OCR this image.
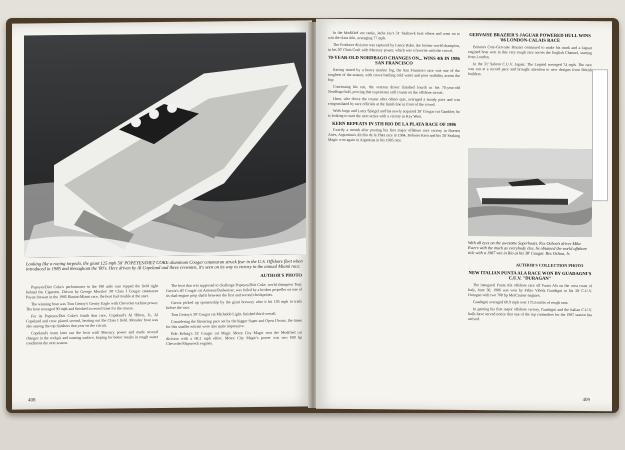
Looking like a racing torpedo, the giant 125 mph 50' POPEYES/DIET COKE aluminum Cougar catamaran struck fear in the U.S. Offshore fleet when introduced in 1985 and throughout the '80's. Here driven by Al Copeland and three crewmen, it's seen on its way to victory in the annual Miami race.
AUTHOR'S PHOTO

Popeyes/Diet Coke's performance in the 180 mile race topped the field right behind the Cigarette. Driven by George Morales' 38' Class I Cougar catamaran Payne Stewart in the 1985 Bimini-Miami race, the boat had trouble at the start.

The winning boat was Tom Gentry's Gentry Eagle with Chevrolet turbine power. The boat averaged 90 mph and finished in record time for the course.

For its Popeyes/Diet Coke's finish that race, Copeland's Al Hilton, Jr., Al Copeland and crew placed second, beating out the Class I field. Morales' boat was also among the top finishers that year on the circuit.

Copeland's team later ran the boat with Mercury power and made several changes in the cockpit and running surface, hoping for better results in rough water conditions the next season.

The boat that was supposed to challenge Popeyes/Diet Coke, world champion Tony Garcia's 46' Cougar cat Arneson/Budweiser, was foiled by a broken propeller on one of its dual-engine prop shafts between the first and second checkpoints.

Garcia picked up sponsorship by the giant brewery after it hit 105 mph in trials before the race.

Tom Gentry's 39' Cougar cat Michelob Light, finished third overall.

Considering the blistering pace set by the bigger Super and Open I boats, the times for this smaller entrant were also quite impressive.

Bob Kehrig's 32' Cougar cat Magic Motor City Magic won the Modified cat division with a 68.2 mph effort. Motor City Magic's power was two 600 hp Chevrolet/Shipwreck engines.

408

In the Modified vee ranks, Jacks Jay's 31' Seahawk beat others and went on to win the class title, averaging 77 mph.

The Producer division was captured by Lance Rube, the former world champion, in his 30' Chris Craft with Mercury power, which was a favorite with the crowd.

70-YEAR-OLD NORDBAGO CHANGES ON... WINS 4th IN 1986 SAN FRANCISCO

Racing tested by a heavy marine fog, the San Francisco race was one of the toughest of the season, with crews battling cold water and poor visibility across the bay.

Continuing his run, the veteran driver finished fourth in his 70-year-old Nordbago hull, proving that experience still counts on the offshore circuit.

Hans, who drove the course after others quit, averaged a steady pace and was congratulated by race officials at the finish line in front of the crowd.

With Jorge and Larry Spiegel and his newly acquired 38' Cougar cat Gambler, he is looking to start the next series with a victory in Key West.

KERN REPEATS IN 5TH RIO DE LA PLATA RACE OF 1986

Exactly a month after posting his first major offshore race victory in Buenos Aires, Argentina's Ah Rio de la Plata race in 1984, Roberto Kern and his 38' Seaking Magic won again in Argentina in his 1985 race.

GERVAISE BRAZIER'S JAGUAR POWERED HULL WINS '86 LONDON-CALAIS RACE

Britain's Cote-Gervaise Brazier continued to make his mark and a Jaguar engined boat won in this very tough race across the English Channel, starting from London.

In the 31' Saloon C.U.V. Jaguar, The Legend averaged 74 mph. The race was run at a record pace and brought attention to new designs from British builders.

With all eyes on the awesome Superboats, Rex Ochoa's driver Mike Ewers with the much as everybody else, he obtained the world offshore title with a 1987 win in Rio at his 38' Cougar. Rex Ochoa, Jr.
AUTHOR'S COLLECTION PHOTO

NEW ITALIAN PUNTA ALA RACE WON BY GUADAGNI'S C.U.V. "DURAGAN"

The inaugural Punta Ala offshore race off Punta Ala on the west coast of Italy, June 30, 1986 was won by Fabio Vibola Guadagni in his 38' C.U.V. Duragan with two 700 hp MerCruiser engines.

Guadagni averaged 60.9 mph over 175.6 miles of rough seas.

In gaining his first major offshore victory, Guadagni and the Italian C.U.V. hulls have served notice that one of the top contenders for the 1987 season has arrived.

409
